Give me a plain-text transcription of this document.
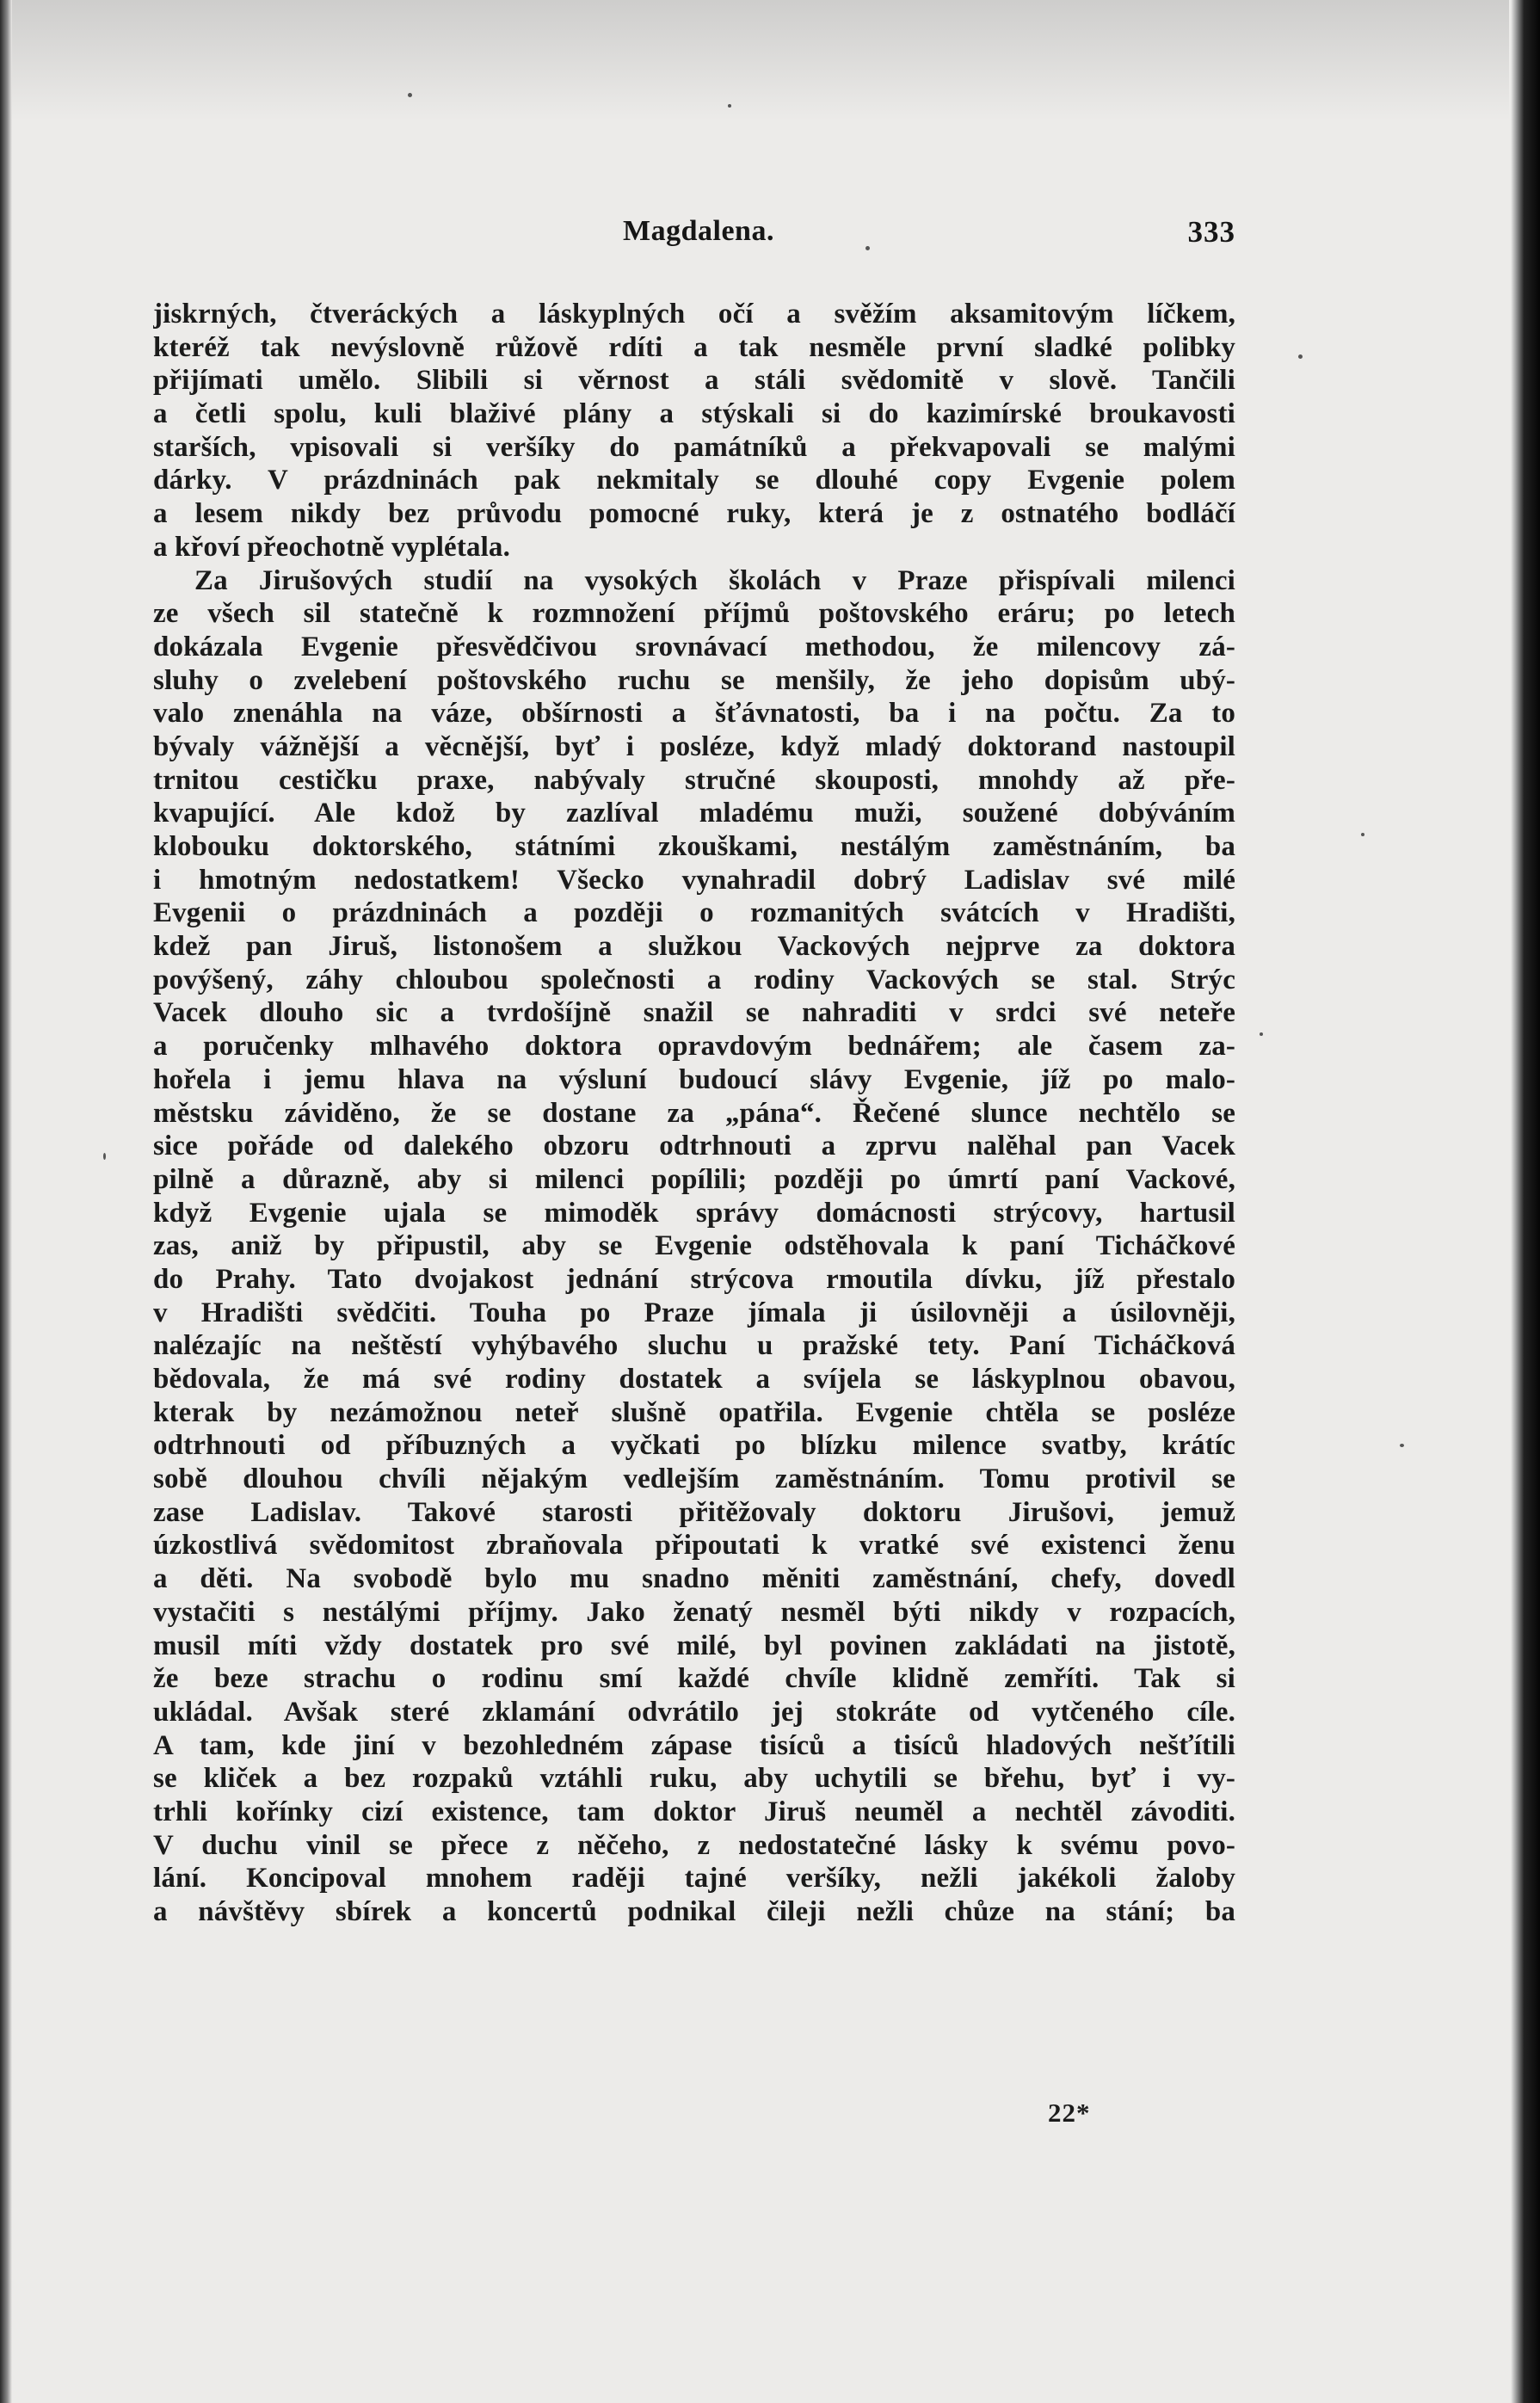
Magdalena.	333
jiskrných, čtveráckých a láskyplných očí a svěžím aksamitovým líčkem,
kteréž tak nevýslovně růžově rdíti a tak nesměle první sladké polibky
přijímati umělo. Slibili si věrnost a stáli svědomitě v slově. Tančili
a četli spolu, kuli blaživé plány a stýskali si do kazimírské broukavosti
starších, vpisovali si veršíky do památníků a překvapovali se malými
dárky. V prázdninách pak nekmitaly se dlouhé copy Evgenie polem
a lesem nikdy bez průvodu pomocné ruky, která je z ostnatého bodláčí
a křoví přeochotně vyplétala.
Za Jirušových studií na vysokých školách v Praze přispívali milenci
ze všech sil statečně k rozmnožení příjmů poštovského eráru; po letech
dokázala Evgenie přesvědčivou srovnávací methodou, že milencovy zá-
sluhy o zvelebení poštovského ruchu se menšily, že jeho dopisům ubý-
valo znenáhla na váze, obšírnosti a šťávnatosti, ba i na počtu. Za to
bývaly vážnější a věcnější, byť i posléze, když mladý doktorand nastoupil
trnitou cestičku praxe, nabývaly stručné skouposti, mnohdy až pře-
kvapující. Ale kdož by zazlíval mladému muži, soužené dobýváním
klobouku doktorského, státními zkouškami, nestálým zaměstnáním, ba
i hmotným nedostatkem! Všecko vynahradil dobrý Ladislav své milé
Evgenii o prázdninách a později o rozmanitých svátcích v Hradišti,
kdež pan Jiruš, listonošem a služkou Vackových nejprve za doktora
povýšený, záhy chloubou společnosti a rodiny Vackových se stal. Strýc
Vacek dlouho sic a tvrdošíjně snažil se nahraditi v srdci své neteře
a poručenky mlhavého doktora opravdovým bednářem; ale časem za-
hořela i jemu hlava na výsluní budoucí slávy Evgenie, jíž po malo-
městsku záviděno, že se dostane za „pána“. Řečené slunce nechtělo se
sice pořáde od dalekého obzoru odtrhnouti a zprvu nalěhal pan Vacek
pilně a důrazně, aby si milenci popílili; později po úmrtí paní Vackové,
když Evgenie ujala se mimoděk správy domácnosti strýcovy, hartusil
zas, aniž by připustil, aby se Evgenie odstěhovala k paní Ticháčkové
do Prahy. Tato dvojakost jednání strýcova rmoutila dívku, jíž přestalo
v Hradišti svědčiti. Touha po Praze jímala ji úsilovněji a úsilovněji,
nalézajíc na neštěstí vyhýbavého sluchu u pražské tety. Paní Ticháčková
bědovala, že má své rodiny dostatek a svíjela se láskyplnou obavou,
kterak by nezámožnou neteř slušně opatřila. Evgenie chtěla se posléze
odtrhnouti od příbuzných a vyčkati po blízku milence svatby, krátíc
sobě dlouhou chvíli nějakým vedlejším zaměstnáním. Tomu protivil se
zase Ladislav. Takové starosti přitěžovaly doktoru Jirušovi, jemuž
úzkostlivá svědomitost zbraňovala připoutati k vratké své existenci ženu
a děti. Na svobodě bylo mu snadno měniti zaměstnání, chefy, dovedl
vystačiti s nestálými příjmy. Jako ženatý nesměl býti nikdy v rozpacích,
musil míti vždy dostatek pro své milé, byl povinen zakládati na jistotě,
že beze strachu o rodinu smí každé chvíle klidně zemříti. Tak si
ukládal. Avšak steré zklamání odvrátilo jej stokráte od vytčeného cíle.
A tam, kde jiní v bezohledném zápase tisíců a tisíců hladových nešťítili
se kliček a bez rozpaků vztáhli ruku, aby uchytili se břehu, byť i vy-
trhli kořínky cizí existence, tam doktor Jiruš neuměl a nechtěl závoditi.
V duchu vinil se přece z něčeho, z nedostatečné lásky k svému povo-
lání. Koncipoval mnohem raději tajné veršíky, nežli jakékoli žaloby
a návštěvy sbírek a koncertů podnikal čileji nežli chůze na stání; ba
22*
